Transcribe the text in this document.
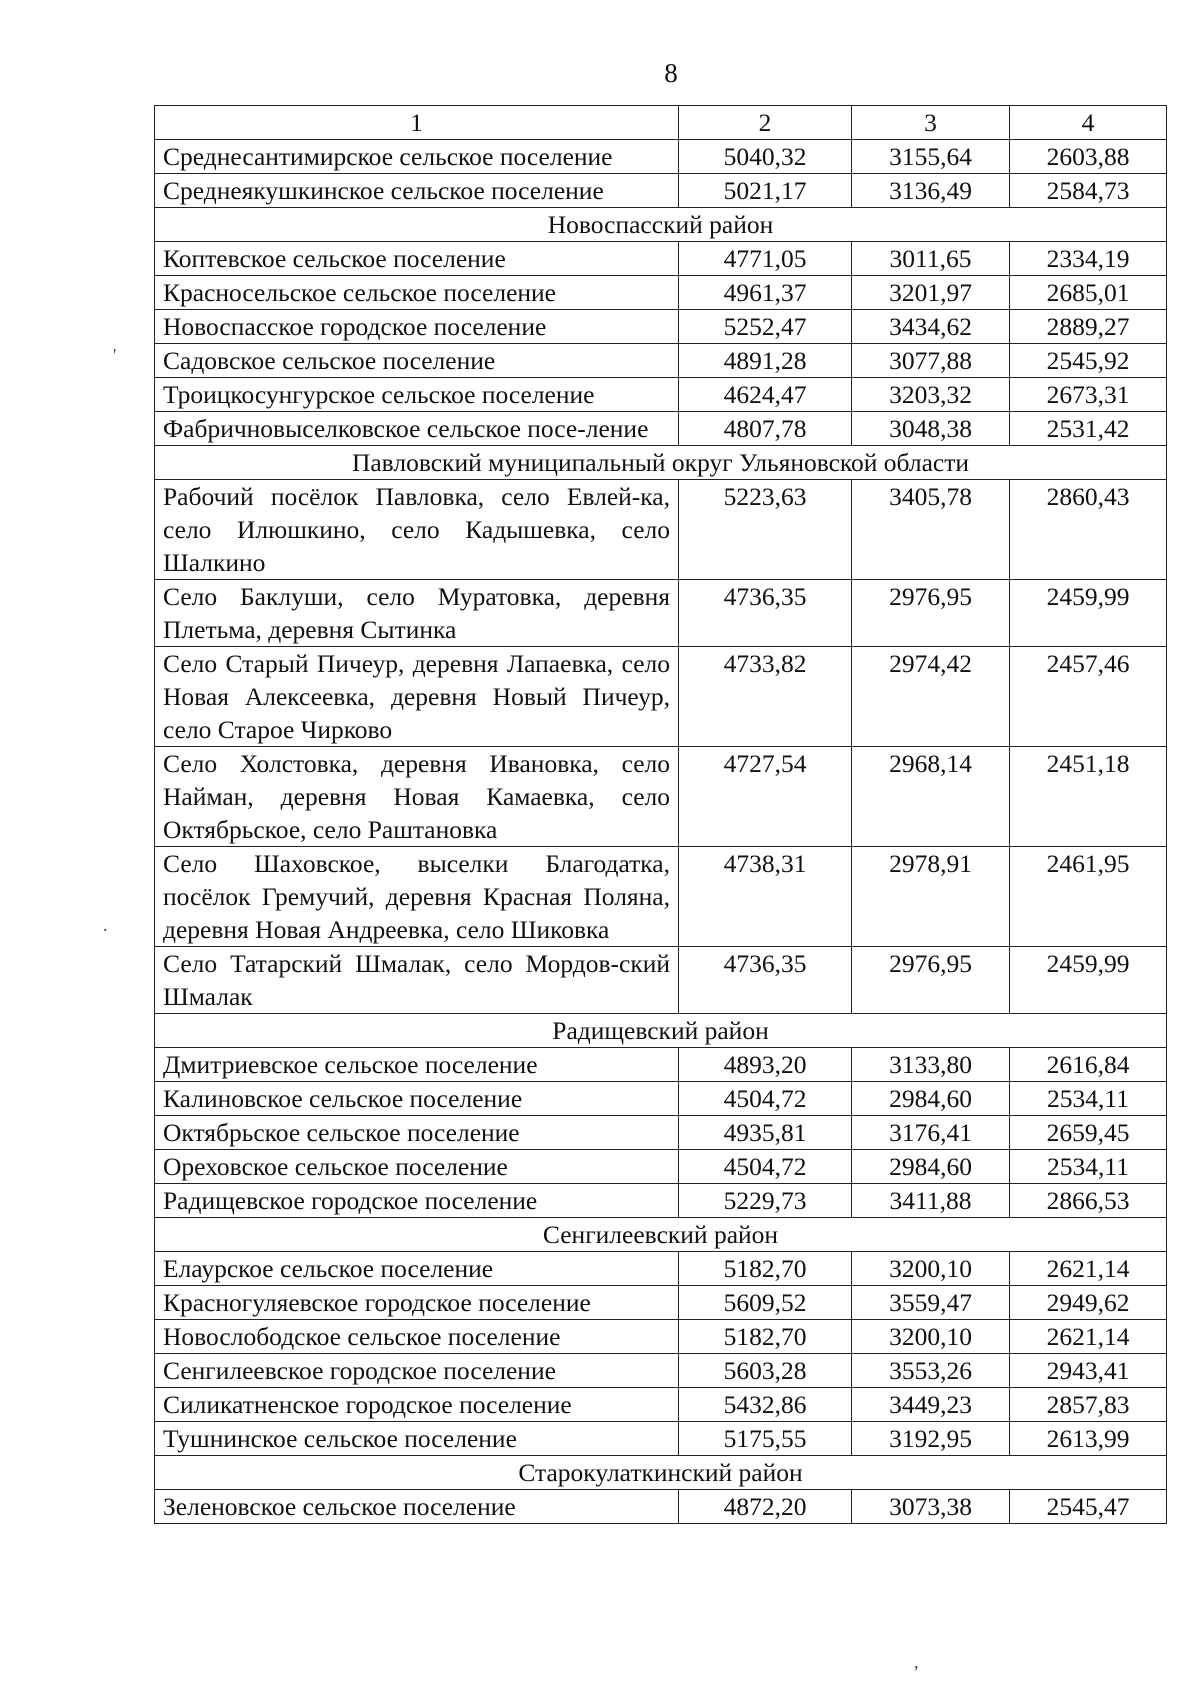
8
1	2	3	4
Среднесантимирское сельское поселение	5040,32	3155,64	2603,88
Среднеякушкинское сельское поселение	5021,17	3136,49	2584,73
Новоспасский район			
Коптевское сельское поселение	4771,05	3011,65	2334,19
Красносельское сельское поселение	4961,37	3201,97	2685,01
Новоспасское городское поселение	5252,47	3434,62	2889,27
Садовское сельское поселение	4891,28	3077,88	2545,92
Троицкосунгурское сельское поселение	4624,47	3203,32	2673,31
Фабричновыселковское сельское посе-ление	4807,78	3048,38	2531,42
Павловский муниципальный округ Ульяновской области			
Рабочий посёлок Павловка, село Евлей-ка, село Илюшкино, село Кадышевка, село Шалкино	5223,63	3405,78	2860,43
Село Баклуши, село Муратовка, деревня Плетьма, деревня Сытинка	4736,35	2976,95	2459,99
Село Старый Пичеур, деревня Лапаевка, село Новая Алексеевка, деревня Новый Пичеур, село Старое Чирково	4733,82	2974,42	2457,46
Село Холстовка, деревня Ивановка, село Найман, деревня Новая Камаевка, село Октябрьское, село Раштановка	4727,54	2968,14	2451,18
Село Шаховское, выселки Благодатка, посёлок Гремучий, деревня Красная Поляна, деревня Новая Андреевка, село Шиковка	4738,31	2978,91	2461,95
Село Татарский Шмалак, село Мордов-ский Шмалак	4736,35	2976,95	2459,99
Радищевский район			
Дмитриевское сельское поселение	4893,20	3133,80	2616,84
Калиновское сельское поселение	4504,72	2984,60	2534,11
Октябрьское сельское поселение	4935,81	3176,41	2659,45
Ореховское сельское поселение	4504,72	2984,60	2534,11
Радищевское городское поселение	5229,73	3411,88	2866,53
Сенгилеевский район			
Елаурское сельское поселение	5182,70	3200,10	2621,14
Красногуляевское городское поселение	5609,52	3559,47	2949,62
Новослободское сельское поселение	5182,70	3200,10	2621,14
Сенгилеевское городское поселение	5603,28	3553,26	2943,41
Силикатненское городское поселение	5432,86	3449,23	2857,83
Тушнинское сельское поселение	5175,55	3192,95	2613,99
Старокулаткинский район			
Зеленовское сельское поселение	4872,20	3073,38	2545,47
'
.
,
